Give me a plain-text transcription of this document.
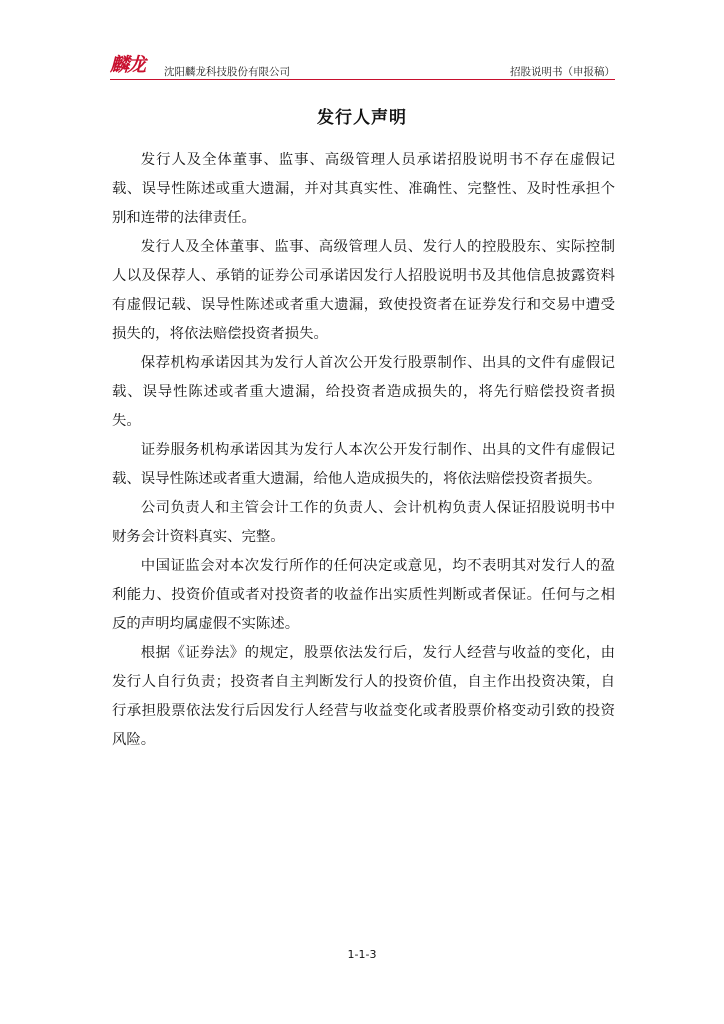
麟龙	沈阳麟龙科技股份有限公司	招股说明书（申报稿）
发行人声明

发行人及全体董事、监事、高级管理人员承诺招股说明书不存在虚假记载、误导性陈述或重大遗漏，并对其真实性、准确性、完整性、及时性承担个别和连带的法律责任。

发行人及全体董事、监事、高级管理人员、发行人的控股股东、实际控制人以及保荐人、承销的证券公司承诺因发行人招股说明书及其他信息披露资料有虚假记载、误导性陈述或者重大遗漏，致使投资者在证券发行和交易中遭受损失的，将依法赔偿投资者损失。

保荐机构承诺因其为发行人首次公开发行股票制作、出具的文件有虚假记载、误导性陈述或者重大遗漏，给投资者造成损失的，将先行赔偿投资者损失。

证券服务机构承诺因其为发行人本次公开发行制作、出具的文件有虚假记载、误导性陈述或者重大遗漏，给他人造成损失的，将依法赔偿投资者损失。

公司负责人和主管会计工作的负责人、会计机构负责人保证招股说明书中财务会计资料真实、完整。

中国证监会对本次发行所作的任何决定或意见，均不表明其对发行人的盈利能力、投资价值或者对投资者的收益作出实质性判断或者保证。任何与之相反的声明均属虚假不实陈述。

根据《证券法》的规定，股票依法发行后，发行人经营与收益的变化，由发行人自行负责；投资者自主判断发行人的投资价值，自主作出投资决策，自行承担股票依法发行后因发行人经营与收益变化或者股票价格变动引致的投资风险。

1-1-3
